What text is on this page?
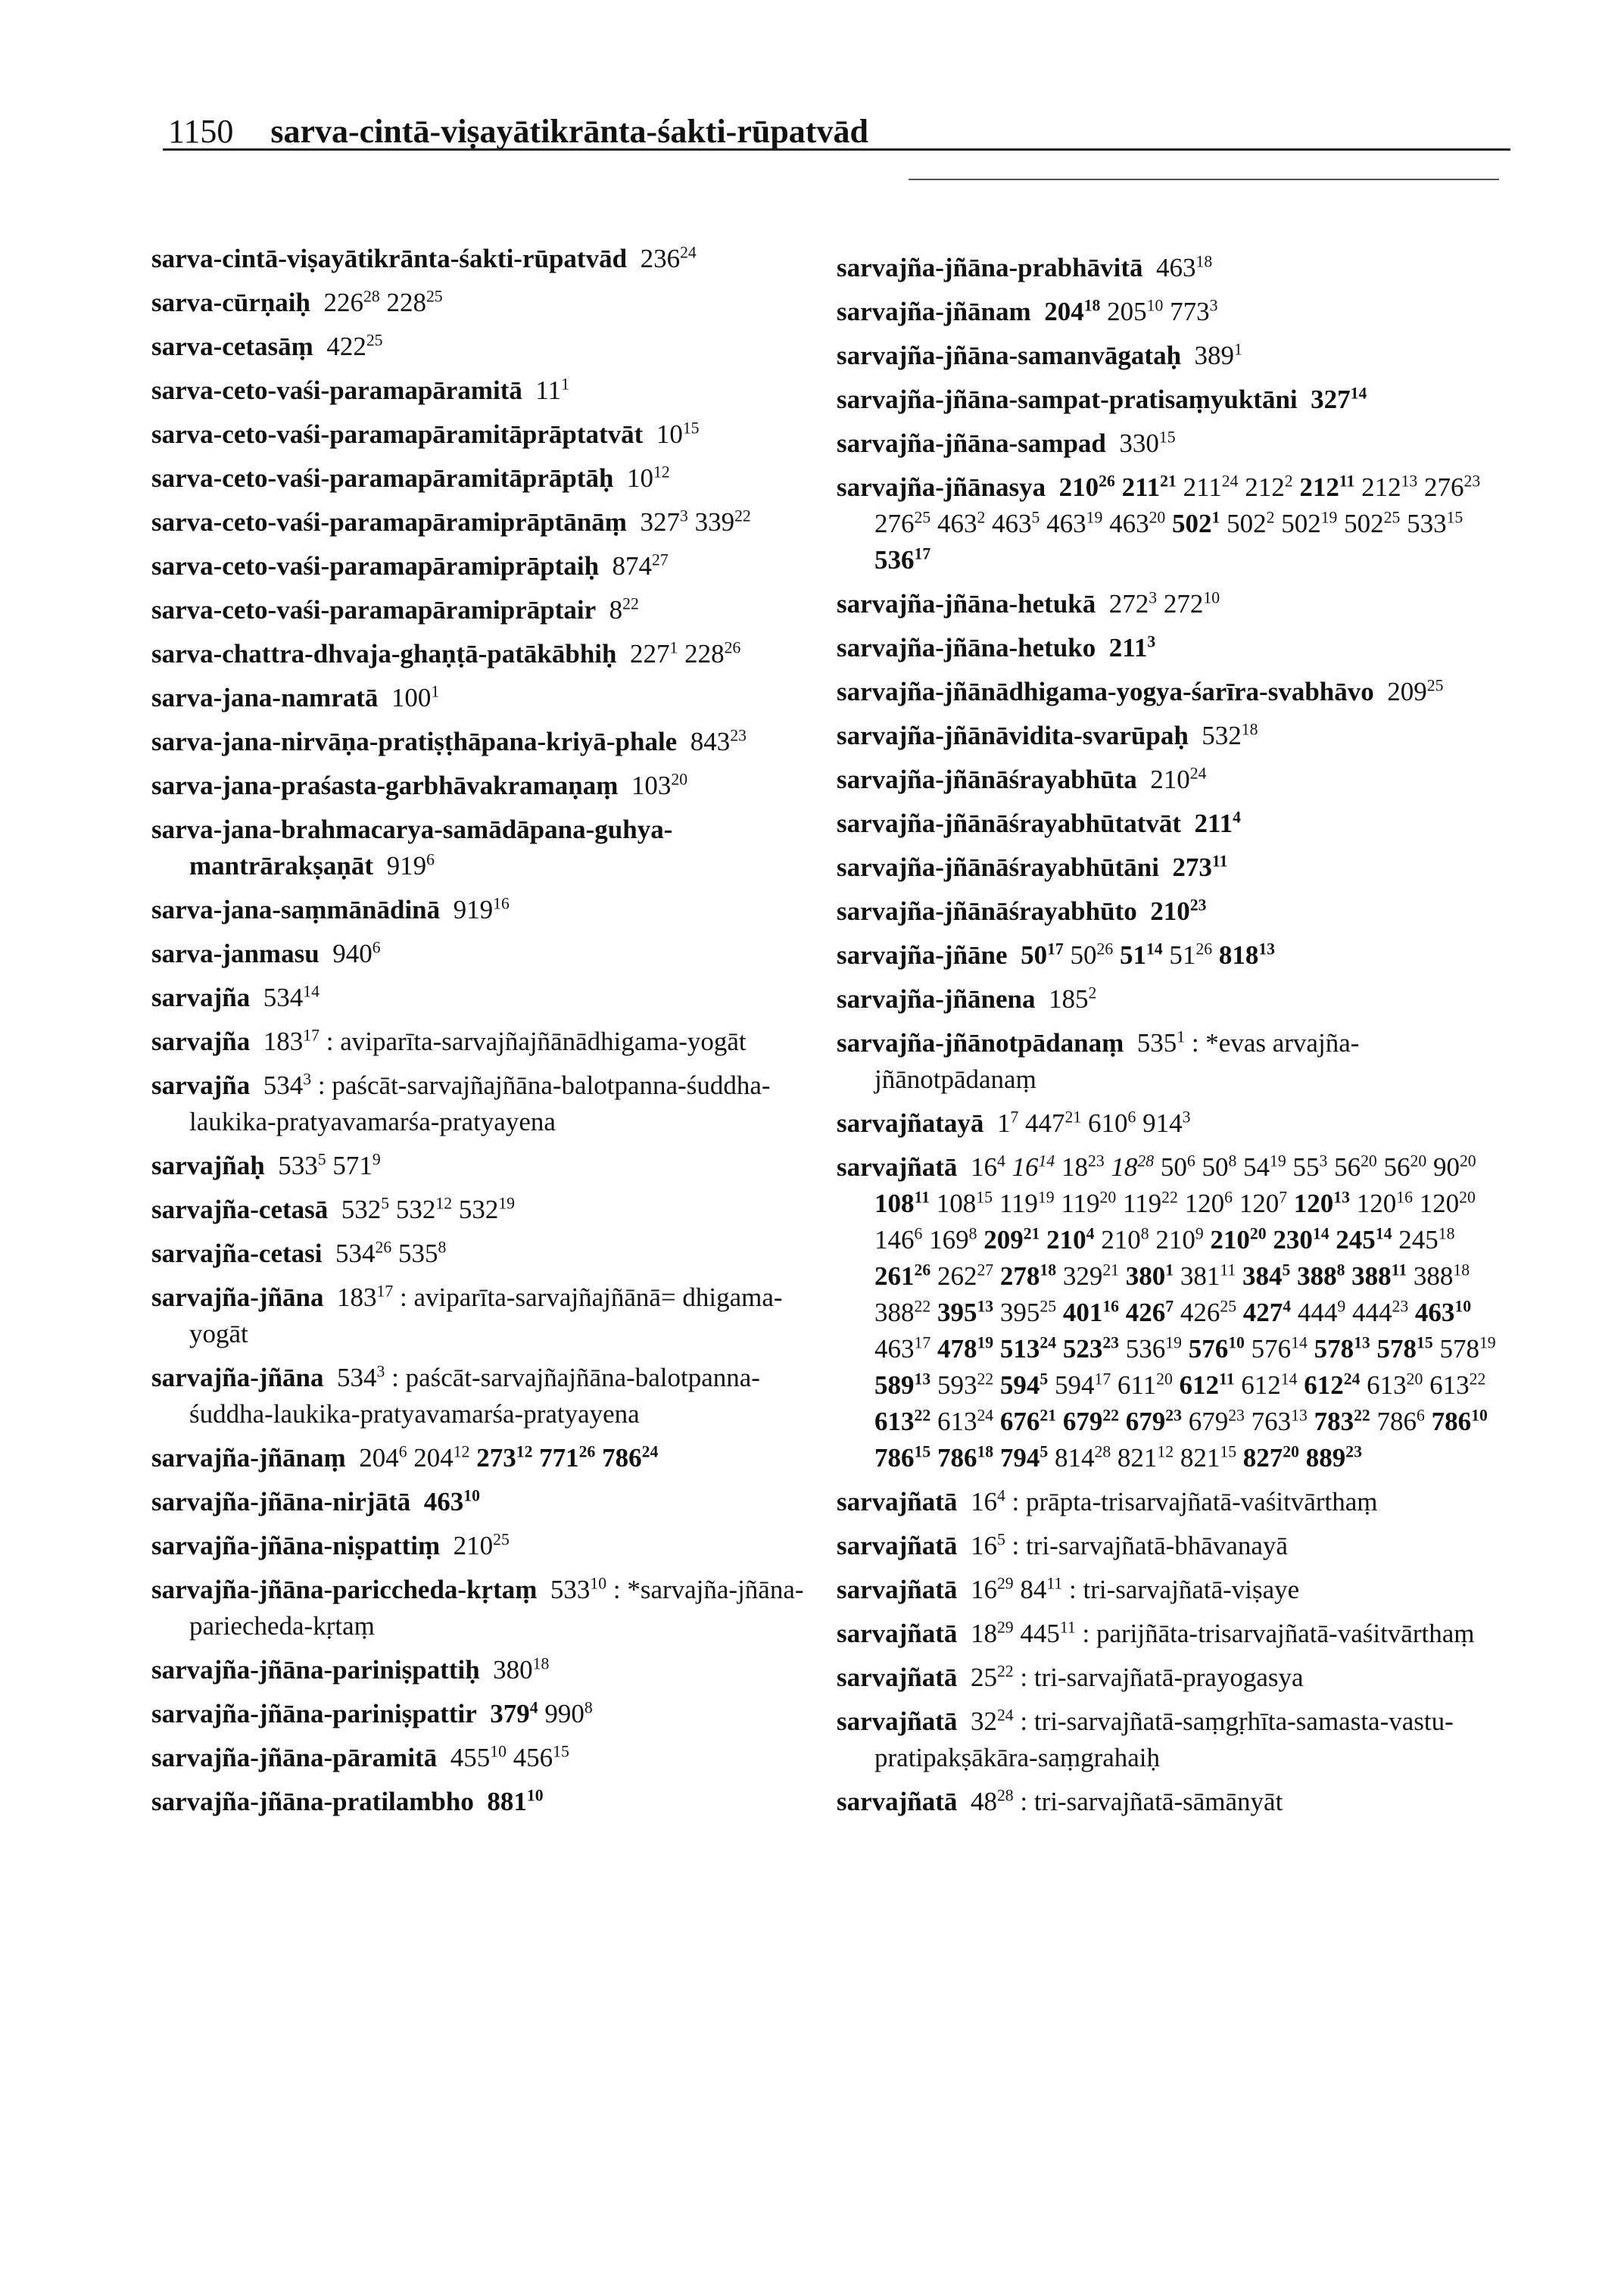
1150 sarva-cintā-viṣayātikrānta-śakti-rūpatvād
sarva-cintā-viṣayātikrānta-śakti-rūpatvād  $236^{24}$
sarva-cūrṇaiḥ  $226^{28}$ $228^{25}$
sarva-cetasāṃ  $422^{25}$
sarva-ceto-vaśi-paramapāramitā  $11^1$
sarva-ceto-vaśi-paramapāramitāprāptatvāt  $10^{15}$
sarva-ceto-vaśi-paramapāramitāprāptāḥ  $10^{12}$
sarva-ceto-vaśi-paramapāramiprāptānāṃ  $327^3$ $339^{22}$
sarva-ceto-vaśi-paramapāramiprāptaiḥ  $874^{27}$
sarva-ceto-vaśi-paramapāramiprāptair  $8^{22}$
sarva-chattra-dhvaja-ghaṇṭā-patākābhiḥ  $227^1$ $228^{26}$
sarva-jana-namratā  $100^1$
sarva-jana-nirvāṇa-pratiṣṭhāpana-kriyā-phale  $843^{23}$
sarva-jana-praśasta-garbhāvakramaṇaṃ  $103^{20}$
sarva-jana-brahmacarya-samādāpana-guhya-mantrārakṣaṇāt  $919^6$
sarva-jana-saṃmānādinā  $919^{16}$
sarva-janmasu  $940^6$
sarvajña  $534^{14}$
sarvajña  $183^{17}$ : aviparīta-sarvajñajñānādhigama-yogāt
sarvajña  $534^3$ : paścāt-sarvajñajñāna-balotpanna-śuddha-laukika-pratyavamarśa-pratyayena
sarvajñaḥ  $533^5$ $571^9$
sarvajña-cetasā  $532^5$ $532^{12}$ $532^{19}$
sarvajña-cetasi  $534^{26}$ $535^8$
sarvajña-jñāna  $183^{17}$ : aviparīta-sarvajñajñānā= dhigama-yogāt
sarvajña-jñāna  $534^3$ : paścāt-sarvajñajñāna-balotpanna-śuddha-laukika-pratyavamarśa-pratyayena
sarvajña-jñānaṃ  $204^6$ $204^{12}$ $273^{12}$ $771^{26}$ $786^{24}$
sarvajña-jñāna-nirjātā  $463^{10}$
sarvajña-jñāna-niṣpattiṃ  $210^{25}$
sarvajña-jñāna-pariccheda-kṛtaṃ  $533^{10}$ : *sarvajña-jñāna-pariecheda-kṛtaṃ
sarvajña-jñāna-pariniṣpattiḥ  $380^{18}$
sarvajña-jñāna-pariniṣpattir  $379^4$ $990^8$
sarvajña-jñāna-pāramitā  $455^{10}$ $456^{15}$
sarvajña-jñāna-pratilambho  $881^{10}$
sarvajña-jñāna-prabhāvitā  $463^{18}$
sarvajña-jñānam  $204^{18}$ $205^{10}$ $773^3$
sarvajña-jñāna-samanvāgataḥ  $389^1$
sarvajña-jñāna-sampat-pratisaṃyuktāni  $327^{14}$
sarvajña-jñāna-sampad  $330^{15}$
sarvajña-jñānasya  $210^{26}$ $211^{21}$ $211^{24}$ $212^2$ $212^{11}$ $212^{13}$ $276^{23}$ $276^{25}$ $463^2$ $463^5$ $463^{19}$ $463^{20}$ $502^1$ $502^2$ $502^{19}$ $502^{25}$ $533^{15}$ $536^{17}$
sarvajña-jñāna-hetukā  $272^3$ $272^{10}$
sarvajña-jñāna-hetuko  $211^3$
sarvajña-jñānādhigama-yogya-śarīra-svabhāvo  $209^{25}$
sarvajña-jñānāvidita-svarūpaḥ  $532^{18}$
sarvajña-jñānāśrayabhūta  $210^{24}$
sarvajña-jñānāśrayabhūtatvāt  $211^4$
sarvajña-jñānāśrayabhūtāni  $273^{11}$
sarvajña-jñānāśrayabhūto  $210^{23}$
sarvajña-jñāne  $50^{17}$ $50^{26}$ $51^{14}$ $51^{26}$ $818^{13}$
sarvajña-jñānena  $185^2$
sarvajña-jñānotpādanaṃ  $535^1$ : *evas arvajña-jñānotpādanaṃ
sarvajñatayā  $1^7$ $447^{21}$ $610^6$ $914^3$
sarvajñatā  $16^4$ $16^{14}$ $18^{23}$ $18^{28}$ $50^6$ $50^8$ $54^{19}$ $55^3$ $56^{20}$ $56^{20}$ $90^{20}$ $108^{11}$ $108^{15}$ $119^{19}$ $119^{20}$ $119^{22}$ $120^6$ $120^7$ $120^{13}$ $120^{16}$ $120^{20}$ $146^6$ $169^8$ $209^{21}$ $210^4$ $210^8$ $210^9$ $210^{20}$ $230^{14}$ $245^{14}$ $245^{18}$ $261^{26}$ $262^{27}$ $278^{18}$ $329^{21}$ $380^1$ $381^{11}$ $384^5$ $388^8$ $388^{11}$ $388^{18}$ $388^{22}$ $395^{13}$ $395^{25}$ $401^{16}$ $426^7$ $426^{25}$ $427^4$ $444^9$ $444^{23}$ $463^{10}$ $463^{17}$ $478^{19}$ $513^{24}$ $523^{23}$ $536^{19}$ $576^{10}$ $576^{14}$ $578^{13}$ $578^{15}$ $578^{19}$ $589^{13}$ $593^{22}$ $594^5$ $594^{17}$ $611^{20}$ $612^{11}$ $612^{14}$ $612^{24}$ $613^{20}$ $613^{22}$ $613^{22}$ $613^{24}$ $676^{21}$ $679^{22}$ $679^{23}$ $679^{23}$ $763^{13}$ $783^{22}$ $786^6$ $786^{10}$ $786^{15}$ $786^{18}$ $794^5$ $814^{28}$ $821^{12}$ $821^{15}$ $827^{20}$ $889^{23}$
sarvajñatā  $16^4$ : prāpta-trisarvajñatā-vaśitvārthaṃ
sarvajñatā  $16^5$ : tri-sarvajñatā-bhāvanayā
sarvajñatā  $16^{29}$ $84^{11}$ : tri-sarvajñatā-viṣaye
sarvajñatā  $18^{29}$ $445^{11}$ : parijñāta-trisarvajñatā-vaśitvārthaṃ
sarvajñatā  $25^{22}$ : tri-sarvajñatā-prayogasya
sarvajñatā  $32^{24}$ : tri-sarvajñatā-saṃgṛhīta-samasta-vastu-pratipakṣākāra-saṃgrahaiḥ
sarvajñatā  $48^{28}$ : tri-sarvajñatā-sāmānyāt
